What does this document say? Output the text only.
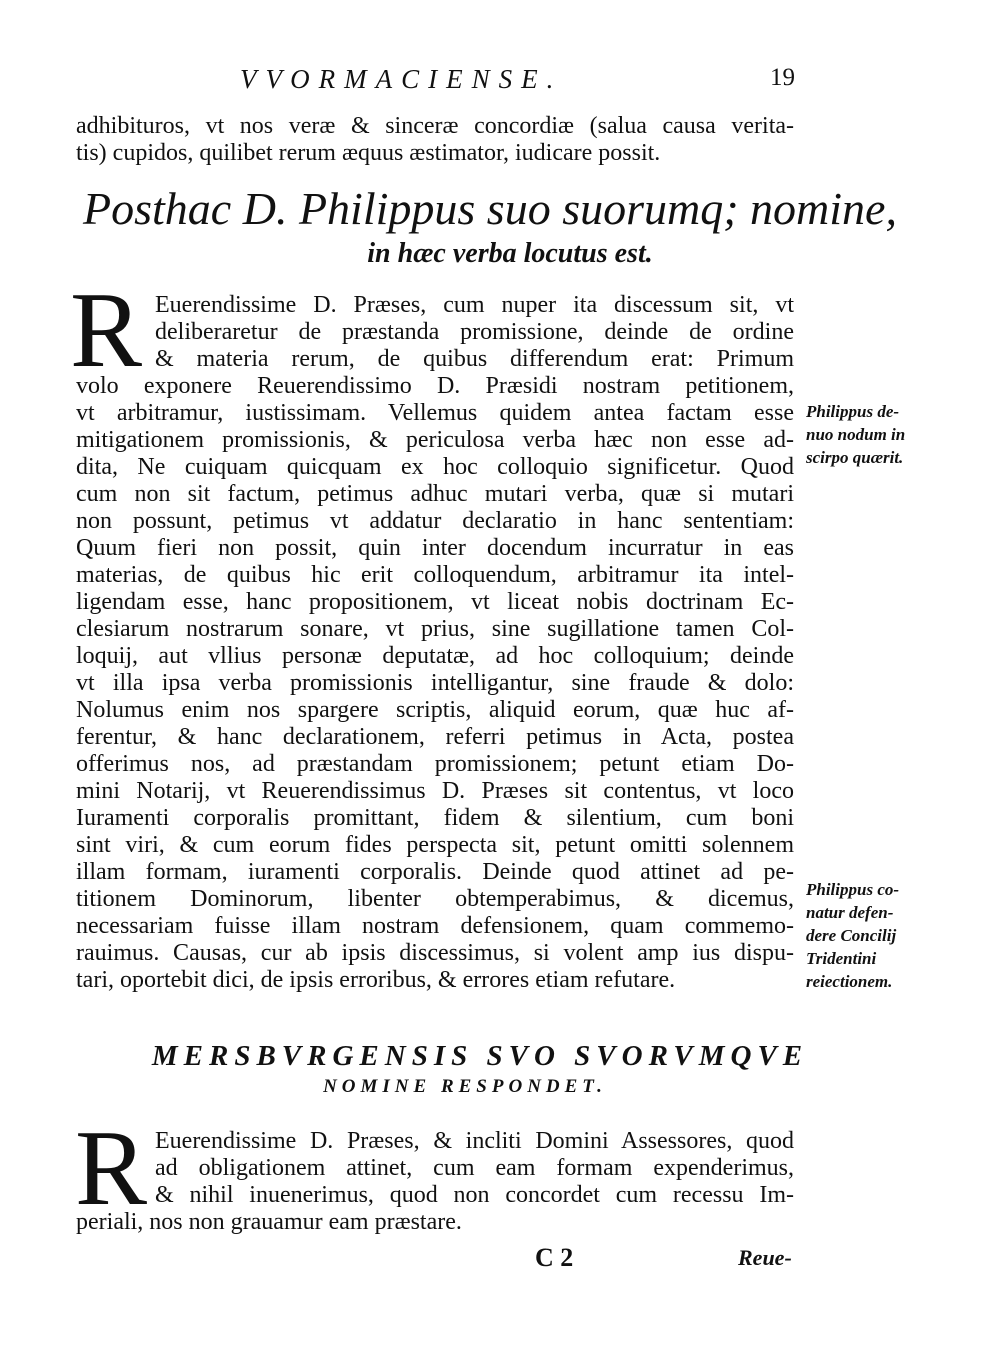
VVORMACIENSE.	19
adhibituros, vt nos veræ & sinceræ concordiæ (salua causa verita-
tis) cupidos, quilibet rerum æquus æstimator, iudicare possit.
Posthac D. Philippus suo suorumq; nomine,
in hæc verba locutus est.
R Euerendissime D. Præses, cum nuper ita discessum sit, vt
deliberaretur de præstanda promissione, deinde de ordine
& materia rerum, de quibus differendum erat: Primum
volo exponere Reuerendissimo D. Præsidi nostram petitionem,
vt arbitramur, iustissimam. Vellemus quidem antea factam esse
mitigationem promissionis, & periculosa verba hæc non esse ad-
dita, Ne cuiquam quicquam ex hoc colloquio significetur. Quod
cum non sit factum, petimus adhuc mutari verba, quæ si mutari
non possunt, petimus vt addatur declaratio in hanc sententiam:
Quum fieri non possit, quin inter docendum incurratur in eas
materias, de quibus hic erit colloquendum, arbitramur ita intel-
ligendam esse, hanc propositionem, vt liceat nobis doctrinam Ec-
clesiarum nostrarum sonare, vt prius, sine sugillatione tamen Col-
loquij, aut vllius personæ deputatæ, ad hoc colloquium; deinde
vt illa ipsa verba promissionis intelligantur, sine fraude & dolo:
Nolumus enim nos spargere scriptis, aliquid eorum, quæ huc af-
ferentur, & hanc declarationem, referri petimus in Acta, postea
offerimus nos, ad præstandam promissionem; petunt etiam Do-
mini Notarij, vt Reuerendissimus D. Præses sit contentus, vt loco
Iuramenti corporalis promittant, fidem & silentium, cum boni
sint viri, & cum eorum fides perspecta sit, petunt omitti solennem
illam formam, iuramenti corporalis. Deinde quod attinet ad pe-
titionem Dominorum, libenter obtemperabimus, & dicemus,
necessariam fuisse illam nostram defensionem, quam commemo-
rauimus. Causas, cur ab ipsis discessimus, si volent amp ius dispu-
tari, oportebit dici, de ipsis erroribus, & errores etiam refutare.
Philippus de-
nuo nodum in
scirpo quærit.
Philippus co-
natur defen-
dere Concilij
Tridentini
reiectionem.
MERSBVRGENSIS SVO SVORVMQVE
NOMINE RESPONDET.
R Euerendissime D. Præses, & incliti Domini Assessores, quod
ad obligationem attinet, cum eam formam expenderimus,
& nihil inuenerimus, quod non concordet cum recessu Im-
periali, nos non grauamur eam præstare.
C 2	Reue-
